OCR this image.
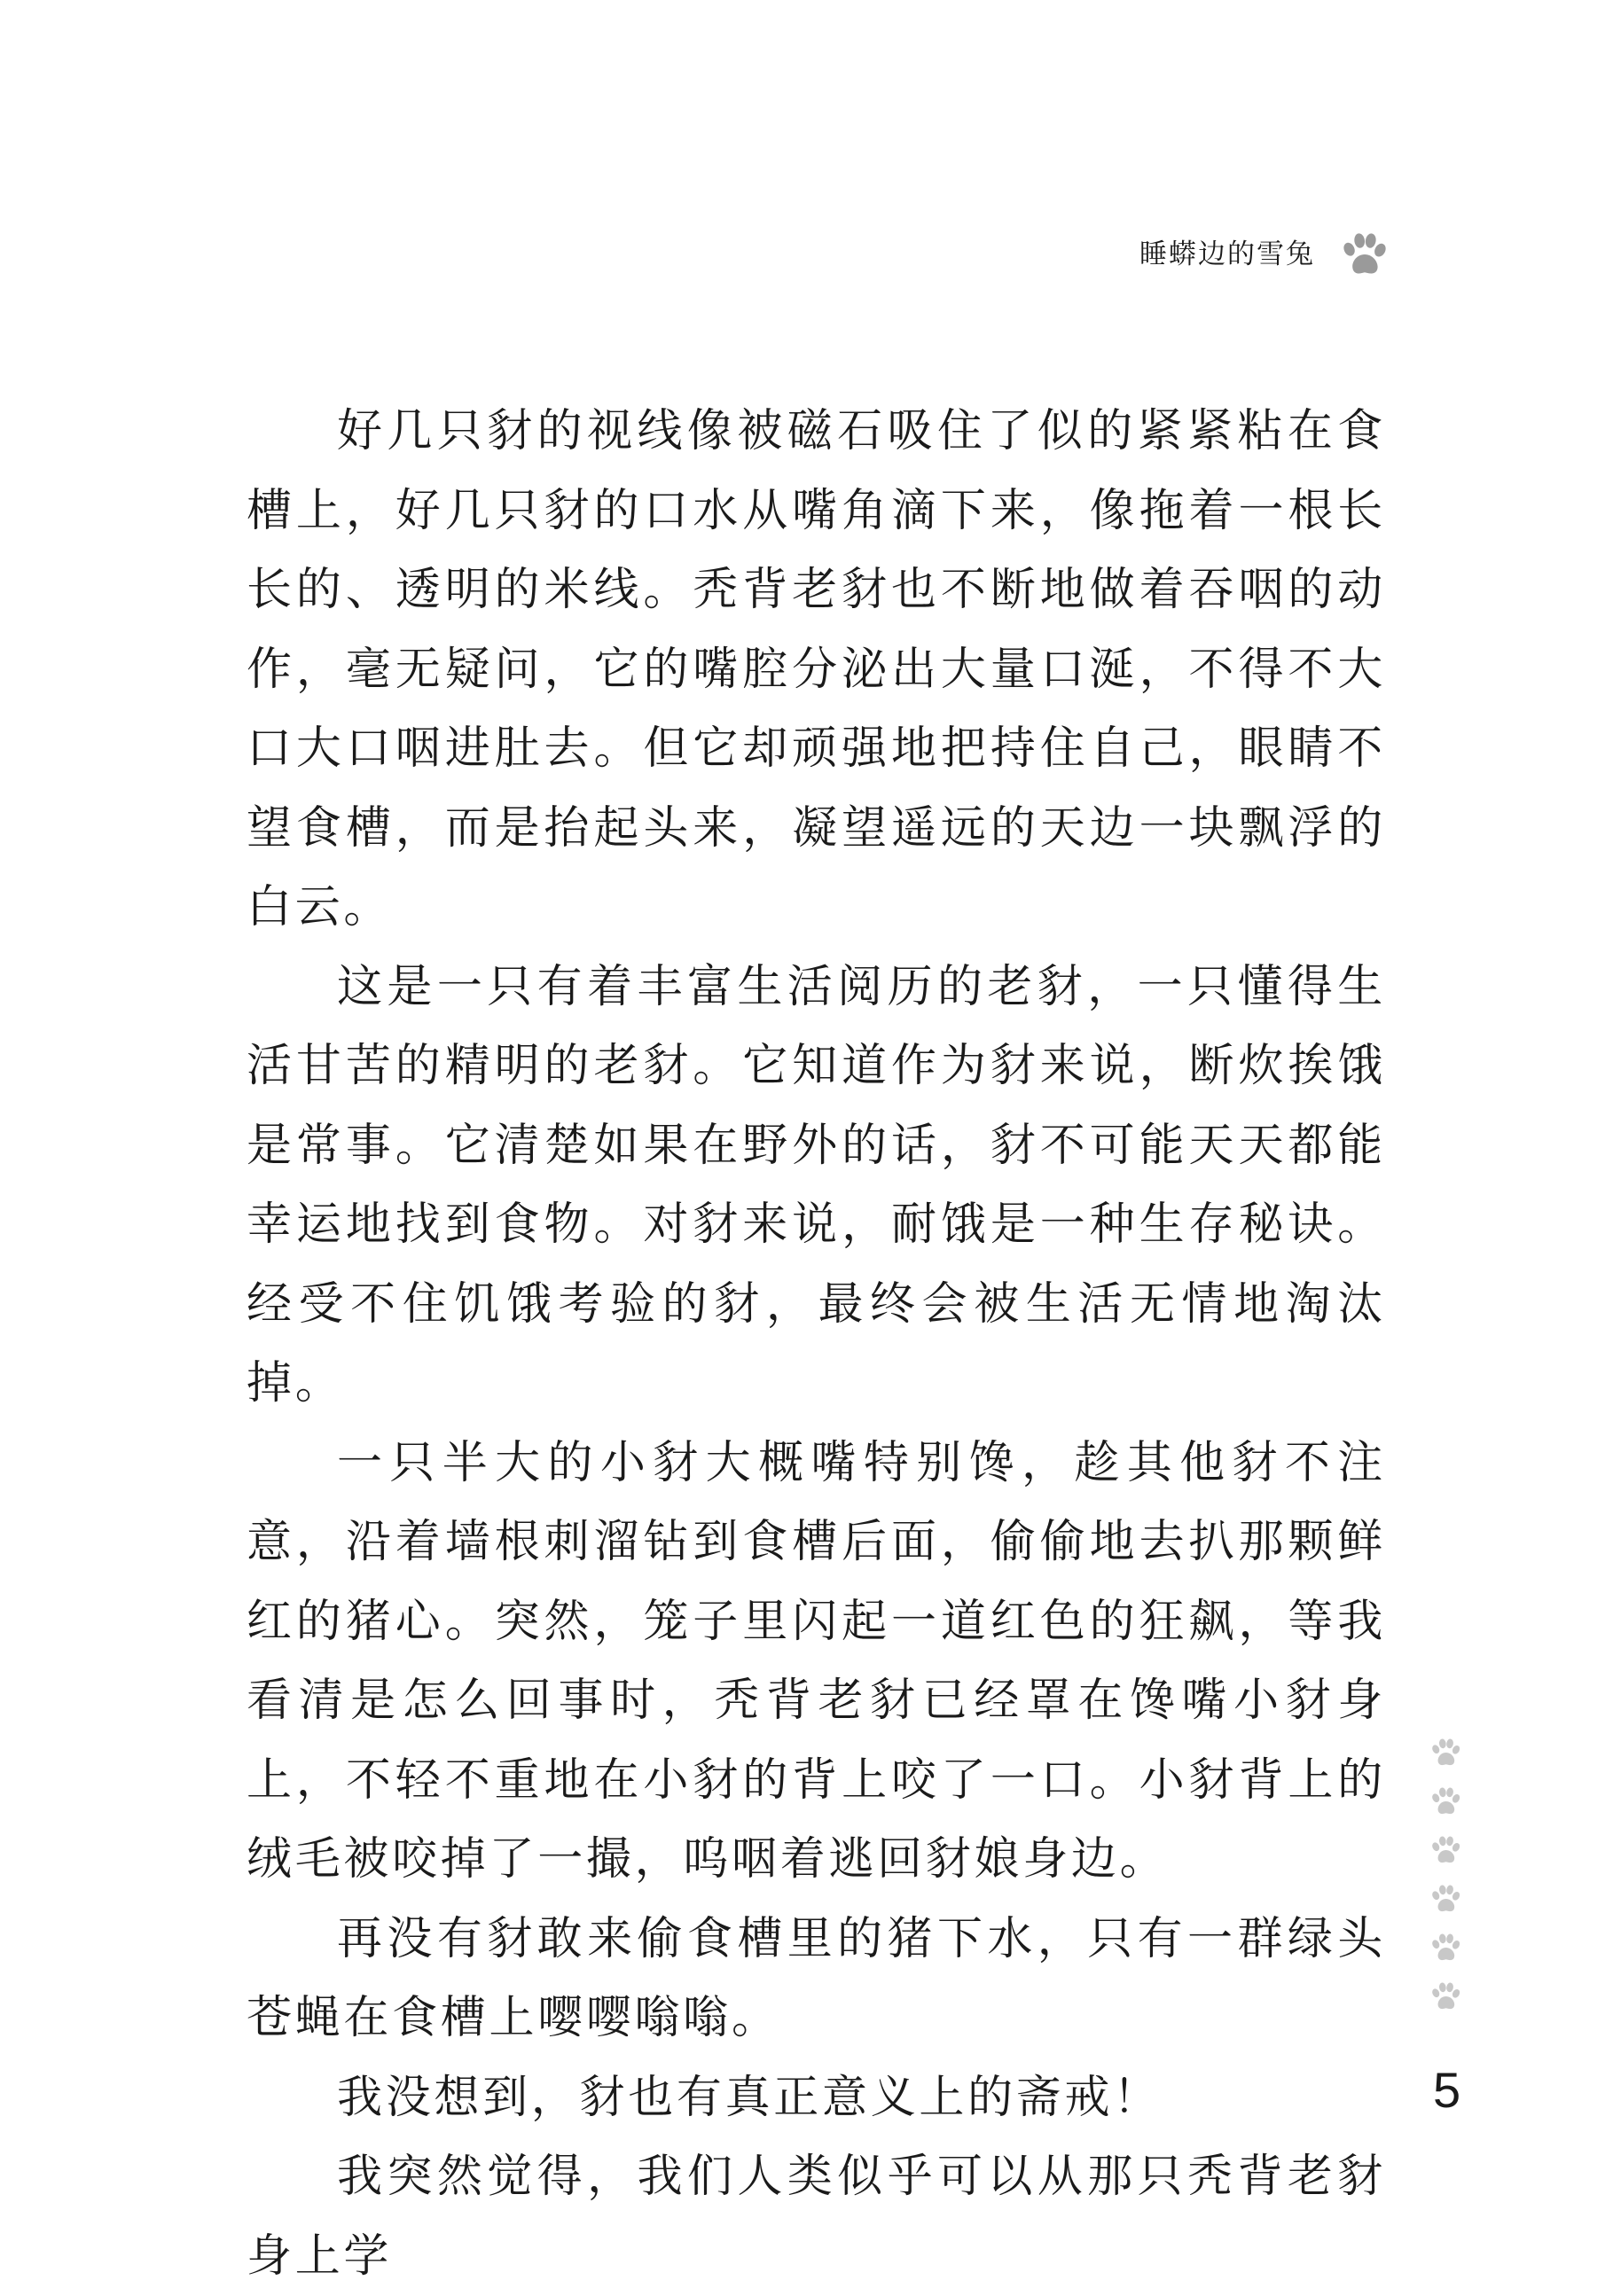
睡蟒边的雪兔

好几只豺的视线像被磁石吸住了似的紧紧粘在食槽上，好几只豺的口水从嘴角滴下来，像拖着一根长长的、透明的米线。秃背老豺也不断地做着吞咽的动作，毫无疑问，它的嘴腔分泌出大量口涎，不得不大口大口咽进肚去。但它却顽强地把持住自己，眼睛不望食槽，而是抬起头来，凝望遥远的天边一块飘浮的白云。

这是一只有着丰富生活阅历的老豺，一只懂得生活甘苦的精明的老豺。它知道作为豺来说，断炊挨饿是常事。它清楚如果在野外的话，豺不可能天天都能幸运地找到食物。对豺来说，耐饿是一种生存秘诀。经受不住饥饿考验的豺，最终会被生活无情地淘汰掉。

一只半大的小豺大概嘴特别馋，趁其他豺不注意，沿着墙根刺溜钻到食槽后面，偷偷地去扒那颗鲜红的猪心。突然，笼子里闪起一道红色的狂飙，等我看清是怎么回事时，秃背老豺已经罩在馋嘴小豺身上，不轻不重地在小豺的背上咬了一口。小豺背上的绒毛被咬掉了一撮，呜咽着逃回豺娘身边。

再没有豺敢来偷食槽里的猪下水，只有一群绿头苍蝇在食槽上嘤嘤嗡嗡。

我没想到，豺也有真正意义上的斋戒！

我突然觉得，我们人类似乎可以从那只秃背老豺身上学

5
